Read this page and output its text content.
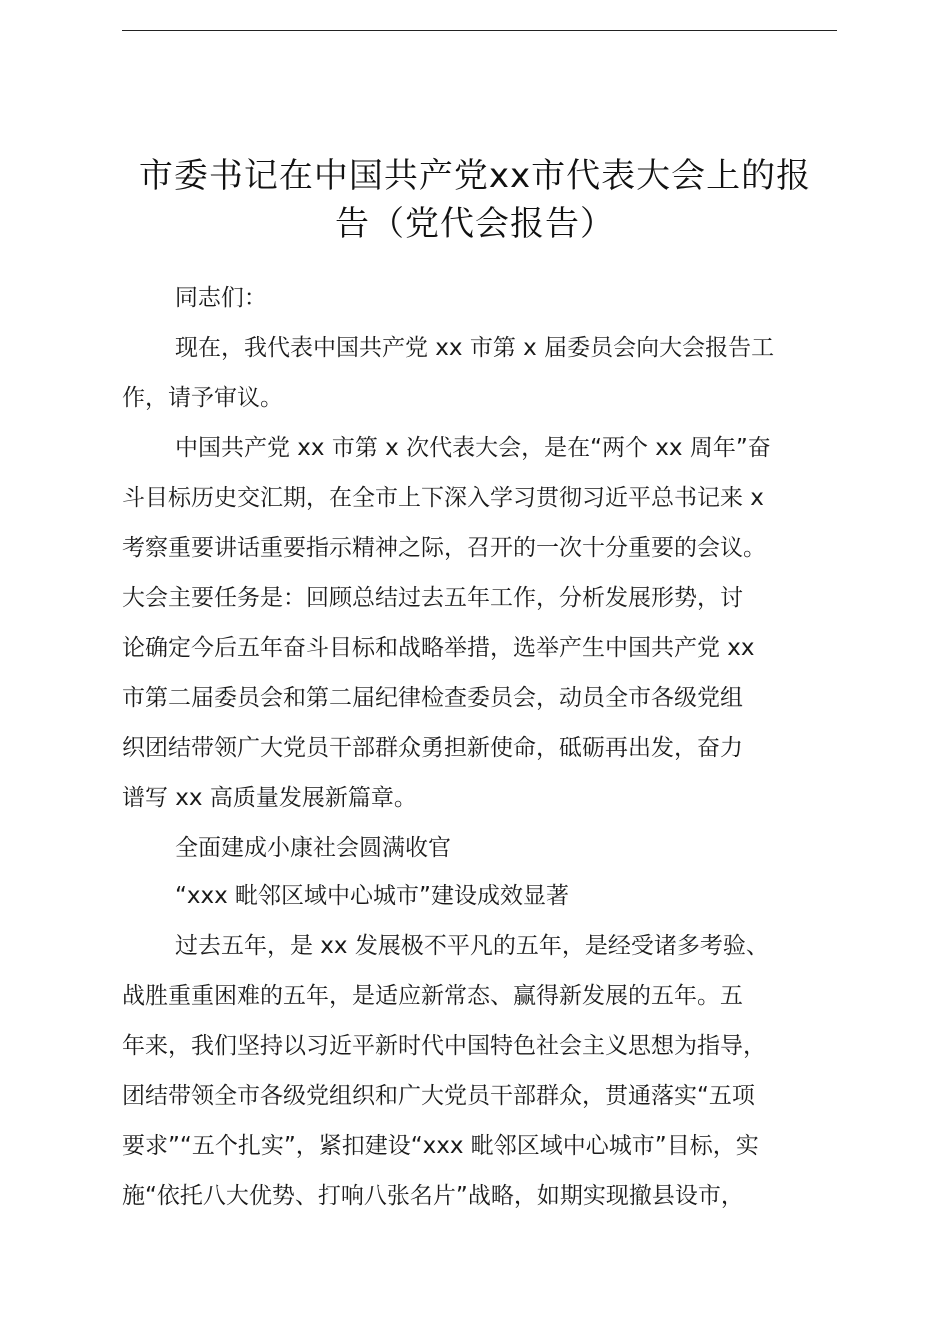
市委书记在中国共产党xx市代表大会上的报
告（党代会报告）

同志们：

现在，我代表中国共产党 xx 市第 x 届委员会向大会报告工
作，请予审议。
中国共产党 xx 市第 x 次代表大会，是在“两个 xx 周年”奋
斗目标历史交汇期，在全市上下深入学习贯彻习近平总书记来 x
考察重要讲话重要指示精神之际，召开的一次十分重要的会议。
大会主要任务是：回顾总结过去五年工作，分析发展形势，讨
论确定今后五年奋斗目标和战略举措，选举产生中国共产党 xx
市第二届委员会和第二届纪律检查委员会，动员全市各级党组
织团结带领广大党员干部群众勇担新使命，砥砺再出发，奋力
谱写 xx 高质量发展新篇章。
全面建成小康社会圆满收官
“xxx 毗邻区域中心城市”建设成效显著
过去五年，是 xx 发展极不平凡的五年，是经受诸多考验、
战胜重重困难的五年，是适应新常态、赢得新发展的五年。五
年来，我们坚持以习近平新时代中国特色社会主义思想为指导，
团结带领全市各级党组织和广大党员干部群众，贯通落实“五项
要求”“五个扎实”，紧扣建设“xxx 毗邻区域中心城市”目标，实
施“依托八大优势、打响八张名片”战略，如期实现撤县设市，
